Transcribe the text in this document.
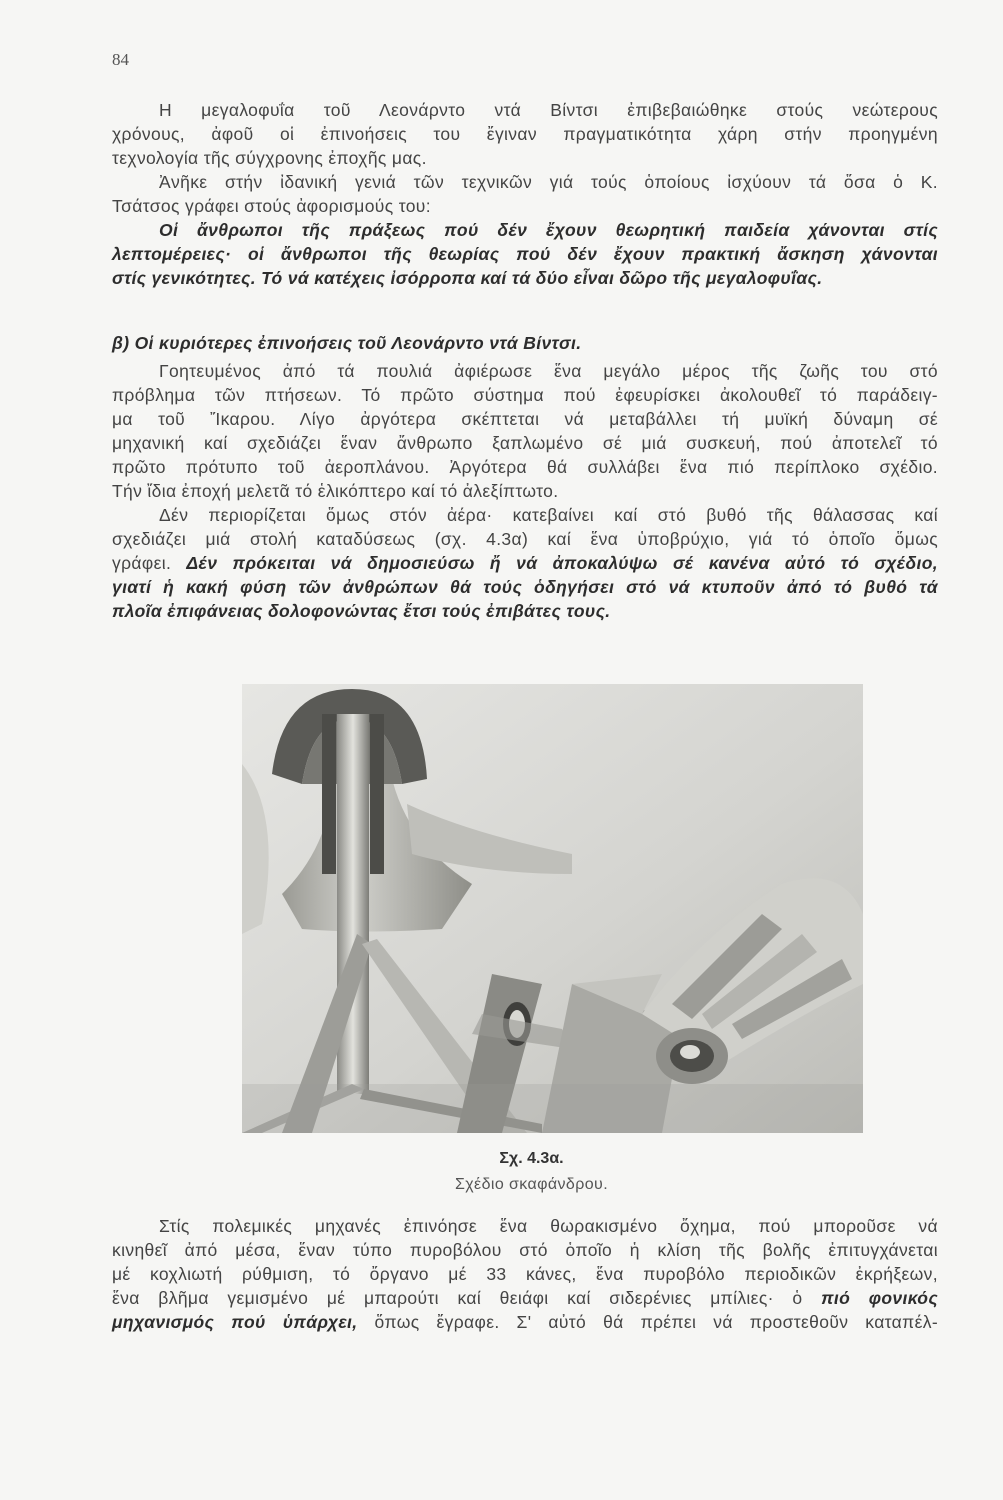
84
Η μεγαλοφυΐα τοῦ Λεονάρντο ντά Βίντσι ἐπιβεβαιώθηκε στούς νεώτερους
χρόνους, ἀφοῦ οἱ ἐπινοήσεις του ἔγιναν πραγματικότητα χάρη στήν προηγμένη
τεχνολογία τῆς σύγχρονης ἐποχῆς μας.
Ἀνῆκε στήν ἰδανική γενιά τῶν τεχνικῶν γιά τούς ὁποίους ἰσχύουν τά ὅσα ὁ Κ.
Τσάτσος γράφει στούς ἀφορισμούς του:
Οἱ ἄνθρωποι τῆς πράξεως πού δέν ἔχουν θεωρητική παιδεία χάνονται στίς
λεπτομέρειες· οἱ ἄνθρωποι τῆς θεωρίας πού δέν ἔχουν πρακτική ἄσκηση χάνονται
στίς γενικότητες. Τό νά κατέχεις ἰσόρροπα καί τά δύο εἶναι δῶρο τῆς μεγαλοφυΐας.
β) Οἱ κυριότερες ἐπινοήσεις τοῦ Λεονάρντο ντά Βίντσι.
Γοητευμένος ἀπό τά πουλιά ἀφιέρωσε ἕνα μεγάλο μέρος τῆς ζωῆς του στό
πρόβλημα τῶν πτήσεων. Τό πρῶτο σύστημα πού ἐφευρίσκει ἀκολουθεῖ τό παράδειγ-
μα τοῦ Ἴκαρου. Λίγο ἀργότερα σκέπτεται νά μεταβάλλει τή μυϊκή δύναμη σέ
μηχανική καί σχεδιάζει ἕναν ἄνθρωπο ξαπλωμένο σέ μιά συσκευή, πού ἀποτελεῖ τό
πρῶτο πρότυπο τοῦ ἀεροπλάνου. Ἀργότερα θά συλλάβει ἕνα πιό περίπλοκο σχέδιο.
Τήν ἴδια ἐποχή μελετᾶ τό ἑλικόπτερο καί τό ἀλεξίπτωτο.
Δέν περιορίζεται ὅμως στόν ἀέρα· κατεβαίνει καί στό βυθό τῆς θάλασσας καί
σχεδιάζει μιά στολή καταδύσεως (σχ. 4.3α) καί ἕνα ὑποβρύχιο, γιά τό ὁποῖο ὅμως
γράφει. Δέν πρόκειται νά δημοσιεύσω ἤ νά ἀποκαλύψω σέ κανένα αὐτό τό σχέδιο,
γιατί ἡ κακή φύση τῶν ἀνθρώπων θά τούς ὁδηγήσει στό νά κτυποῦν ἀπό τό βυθό τά
πλοῖα ἐπιφάνειας δολοφονώντας ἔτσι τούς ἐπιβάτες τους.
Σχ. 4.3α.
Σχέδιο σκαφάνδρου.
Στίς πολεμικές μηχανές ἐπινόησε ἕνα θωρακισμένο ὄχημα, πού μποροῦσε νά
κινηθεῖ ἀπό μέσα, ἕναν τύπο πυροβόλου στό ὁποῖο ἡ κλίση τῆς βολῆς ἐπιτυγχάνεται
μέ κοχλιωτή ρύθμιση, τό ὄργανο μέ 33 κάνες, ἕνα πυροβόλο περιοδικῶν ἐκρήξεων,
ἕνα βλῆμα γεμισμένο μέ μπαρούτι καί θειάφι καί σιδερένιες μπίλιες· ὁ πιό φονικός
μηχανισμός πού ὑπάρχει, ὅπως ἔγραφε. Σ' αὐτό θά πρέπει νά προστεθοῦν καταπέλ-
